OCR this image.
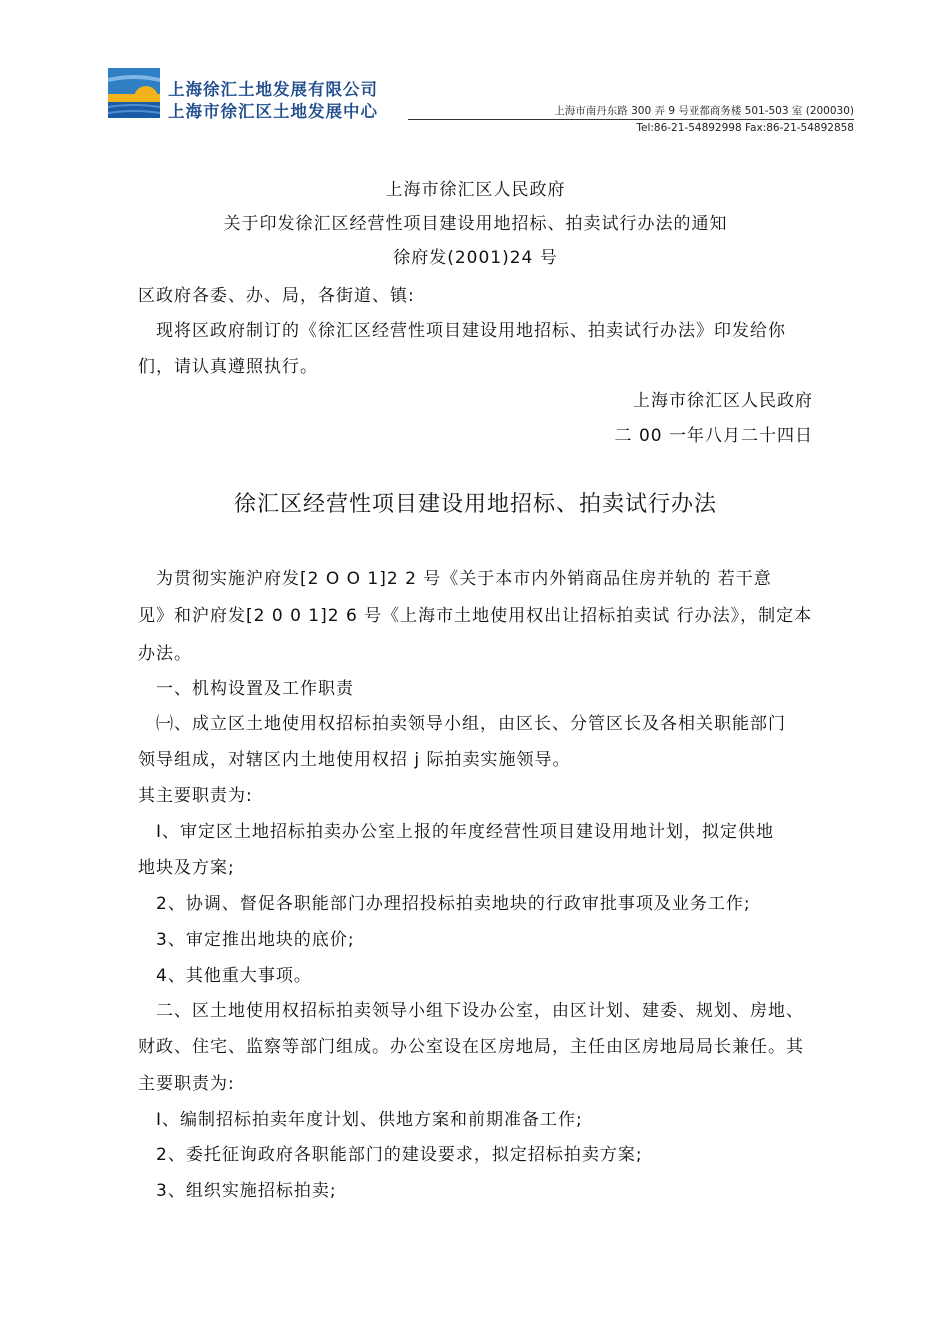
上海徐汇土地发展有限公司
上海市徐汇区土地发展中心	上海市南丹东路 300 弄 9 号亚都商务楼 501-503 室 (200030)
Tel:86-21-54892998 Fax:86-21-54892858
上海市徐汇区人民政府
关于印发徐汇区经营性项目建设用地招标、拍卖试行办法的通知
徐府发(2001)24 号
区政府各委、办、局，各街道、镇:
　现将区政府制订的《徐汇区经营性项目建设用地招标、拍卖试行办法》印发给你
们，请认真遵照执行。
上海市徐汇区人民政府
二 00 一年八月二十四日
徐汇区经营性项目建设用地招标、拍卖试行办法
　为贯彻实施沪府发[2 O O 1]2 2 号《关于本市内外销商品住房并轨的 若干意
见》和沪府发[2 0 0 1]2 6 号《上海市土地使用权出让招标拍卖试 行办法》，制定本
办法。
　一、机构设置及工作职责
　㈠、成立区土地使用权招标拍卖领导小组，由区长、分管区长及各相关职能部门
领导组成，对辖区内土地使用权招 j 际拍卖实施领导。
其主要职责为:
　I、审定区土地招标拍卖办公室上报的年度经营性项目建设用地计划，拟定供地
地块及方案;
　2、协调、督促各职能部门办理招投标拍卖地块的行政审批事项及业务工作;
　3、审定推出地块的底价;
　4、其他重大事项。
　二、区土地使用权招标拍卖领导小组下设办公室，由区计划、建委、规划、房地、
财政、住宅、监察等部门组成。办公室设在区房地局，主任由区房地局局长兼任。其
主要职责为:
　I、编制招标拍卖年度计划、供地方案和前期准备工作;
　2、委托征询政府各职能部门的建设要求，拟定招标拍卖方案;
　3、组织实施招标拍卖;
